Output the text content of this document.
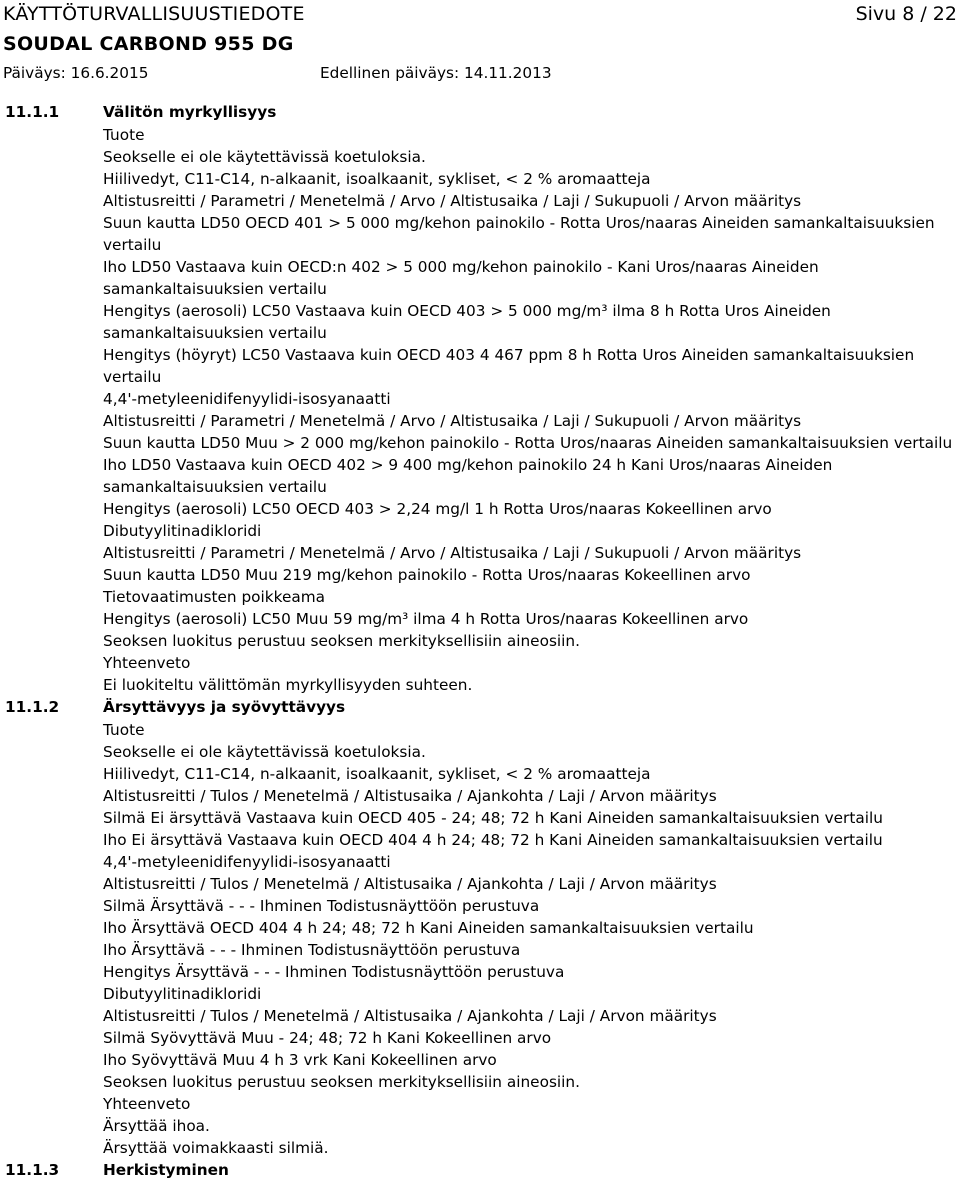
KÄYTTÖTURVALLISUUSTIEDOTE	Sivu 8 / 22
SOUDAL CARBOND 955 DG
Päiväys: 16.6.2015	Edellinen päiväys: 14.11.2013
11.1.1	Välitön myrkyllisyys
Tuote
Seokselle ei ole käytettävissä koetuloksia.
Hiilivedyt, C11-C14, n-alkaanit, isoalkaanit, sykliset, < 2 % aromaatteja
Altistusreitti / Parametri / Menetelmä / Arvo / Altistusaika / Laji / Sukupuoli / Arvon määritys
Suun kautta LD50 OECD 401 > 5 000 mg/kehon painokilo - Rotta Uros/naaras Aineiden samankaltaisuuksien
vertailu
Iho LD50 Vastaava kuin OECD:n 402 > 5 000 mg/kehon painokilo - Kani Uros/naaras Aineiden
samankaltaisuuksien vertailu
Hengitys (aerosoli) LC50 Vastaava kuin OECD 403 > 5 000 mg/m³ ilma 8 h Rotta Uros Aineiden
samankaltaisuuksien vertailu
Hengitys (höyryt) LC50 Vastaava kuin OECD 403 4 467 ppm 8 h Rotta Uros Aineiden samankaltaisuuksien
vertailu
4,4'-metyleenidifenyylidi-isosyanaatti
Altistusreitti / Parametri / Menetelmä / Arvo / Altistusaika / Laji / Sukupuoli / Arvon määritys
Suun kautta LD50 Muu > 2 000 mg/kehon painokilo - Rotta Uros/naaras Aineiden samankaltaisuuksien vertailu
Iho LD50 Vastaava kuin OECD 402 > 9 400 mg/kehon painokilo 24 h Kani Uros/naaras Aineiden
samankaltaisuuksien vertailu
Hengitys (aerosoli) LC50 OECD 403 > 2,24 mg/l 1 h Rotta Uros/naaras Kokeellinen arvo
Dibutyylitinadikloridi
Altistusreitti / Parametri / Menetelmä / Arvo / Altistusaika / Laji / Sukupuoli / Arvon määritys
Suun kautta LD50 Muu 219 mg/kehon painokilo - Rotta Uros/naaras Kokeellinen arvo
Tietovaatimusten poikkeama
Hengitys (aerosoli) LC50 Muu 59 mg/m³ ilma 4 h Rotta Uros/naaras Kokeellinen arvo
Seoksen luokitus perustuu seoksen merkityksellisiin aineosiin.
Yhteenveto
Ei luokiteltu välittömän myrkyllisyyden suhteen.
11.1.2	Ärsyttävyys ja syövyttävyys
Tuote
Seokselle ei ole käytettävissä koetuloksia.
Hiilivedyt, C11-C14, n-alkaanit, isoalkaanit, sykliset, < 2 % aromaatteja
Altistusreitti / Tulos / Menetelmä / Altistusaika / Ajankohta / Laji / Arvon määritys
Silmä Ei ärsyttävä Vastaava kuin OECD 405 - 24; 48; 72 h Kani Aineiden samankaltaisuuksien vertailu
Iho Ei ärsyttävä Vastaava kuin OECD 404 4 h 24; 48; 72 h Kani Aineiden samankaltaisuuksien vertailu
4,4'-metyleenidifenyylidi-isosyanaatti
Altistusreitti / Tulos / Menetelmä / Altistusaika / Ajankohta / Laji / Arvon määritys
Silmä Ärsyttävä - - - Ihminen Todistusnäyttöön perustuva
Iho Ärsyttävä OECD 404 4 h 24; 48; 72 h Kani Aineiden samankaltaisuuksien vertailu
Iho Ärsyttävä - - - Ihminen Todistusnäyttöön perustuva
Hengitys Ärsyttävä - - - Ihminen Todistusnäyttöön perustuva
Dibutyylitinadikloridi
Altistusreitti / Tulos / Menetelmä / Altistusaika / Ajankohta / Laji / Arvon määritys
Silmä Syövyttävä Muu - 24; 48; 72 h Kani Kokeellinen arvo
Iho Syövyttävä Muu 4 h 3 vrk Kani Kokeellinen arvo
Seoksen luokitus perustuu seoksen merkityksellisiin aineosiin.
Yhteenveto
Ärsyttää ihoa.
Ärsyttää voimakkaasti silmiä.
11.1.3	Herkistyminen
